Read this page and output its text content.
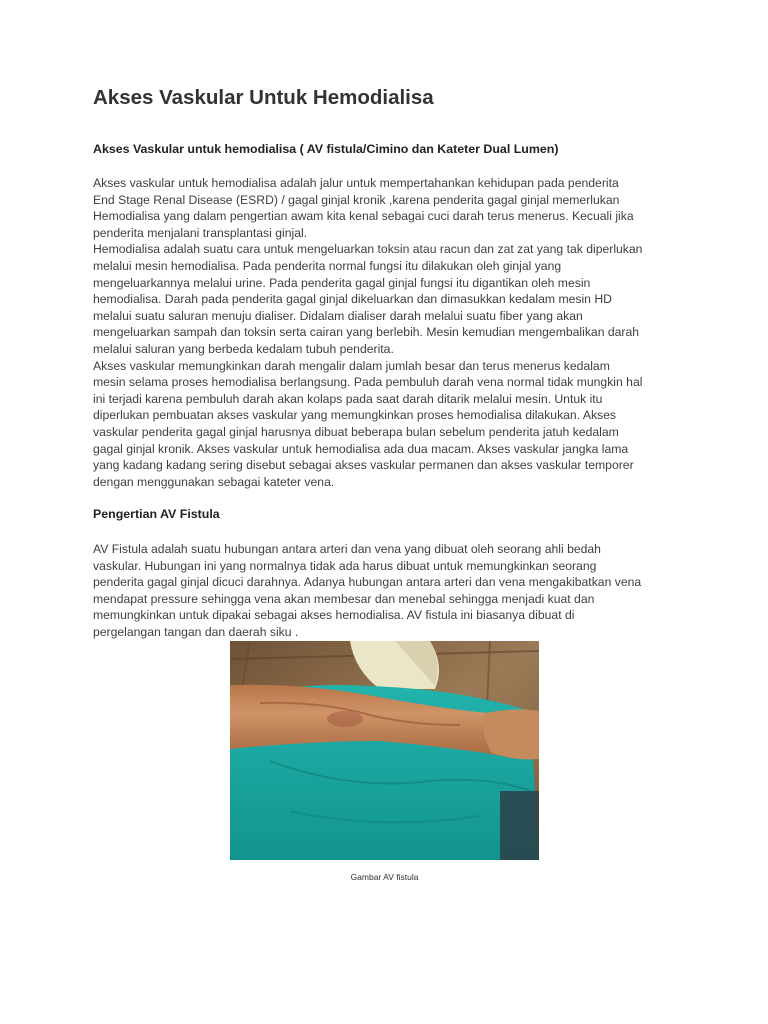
Akses Vaskular Untuk Hemodialisa
Akses Vaskular untuk hemodialisa ( AV fistula/Cimino dan Kateter Dual Lumen)
Akses vaskular untuk hemodialisa adalah jalur untuk mempertahankan kehidupan pada penderita
End Stage Renal Disease (ESRD) / gagal ginjal kronik ,karena penderita gagal ginjal memerlukan
Hemodialisa yang dalam pengertian awam kita kenal sebagai cuci darah terus menerus. Kecuali jika
penderita menjalani transplantasi ginjal.
Hemodialisa adalah suatu cara untuk mengeluarkan toksin atau racun dan zat zat yang tak diperlukan
melalui mesin hemodialisa. Pada penderita normal fungsi itu dilakukan oleh ginjal yang
mengeluarkannya melalui urine. Pada penderita gagal ginjal fungsi itu digantikan oleh mesin
hemodialisa. Darah pada penderita gagal ginjal dikeluarkan dan dimasukkan kedalam mesin HD
melalui suatu saluran menuju dialiser. Didalam dialiser darah melalui suatu fiber yang akan
mengeluarkan sampah dan toksin serta cairan yang berlebih. Mesin kemudian mengembalikan darah
melalui saluran yang berbeda kedalam tubuh penderita.
Akses vaskular memungkinkan darah mengalir dalam jumlah besar dan terus menerus kedalam
mesin selama proses hemodialisa berlangsung. Pada pembuluh darah vena normal tidak mungkin hal
ini terjadi karena pembuluh darah akan kolaps pada saat darah ditarik melalui mesin. Untuk itu
diperlukan pembuatan akses vaskular yang memungkinkan proses hemodialisa dilakukan. Akses
vaskular penderita gagal ginjal harusnya dibuat beberapa bulan sebelum penderita jatuh kedalam
gagal ginjal kronik. Akses vaskular untuk hemodialisa ada dua macam. Akses vaskular jangka lama
yang kadang kadang sering disebut sebagai akses vaskular permanen dan akses vaskular temporer
dengan menggunakan sebagai kateter vena.
Pengertian AV Fistula
AV Fistula adalah suatu hubungan antara arteri dan vena yang dibuat oleh seorang ahli bedah
vaskular. Hubungan ini yang normalnya tidak ada harus dibuat untuk memungkinkan seorang
penderita gagal ginjal dicuci darahnya. Adanya hubungan antara arteri dan vena mengakibatkan vena
mendapat pressure sehingga vena akan membesar dan menebal sehingga menjadi kuat dan
memungkinkan untuk dipakai sebagai akses hemodialisa. AV fistula ini biasanya dibuat di
pergelangan tangan dan daerah siku .
Gambar AV fistula
